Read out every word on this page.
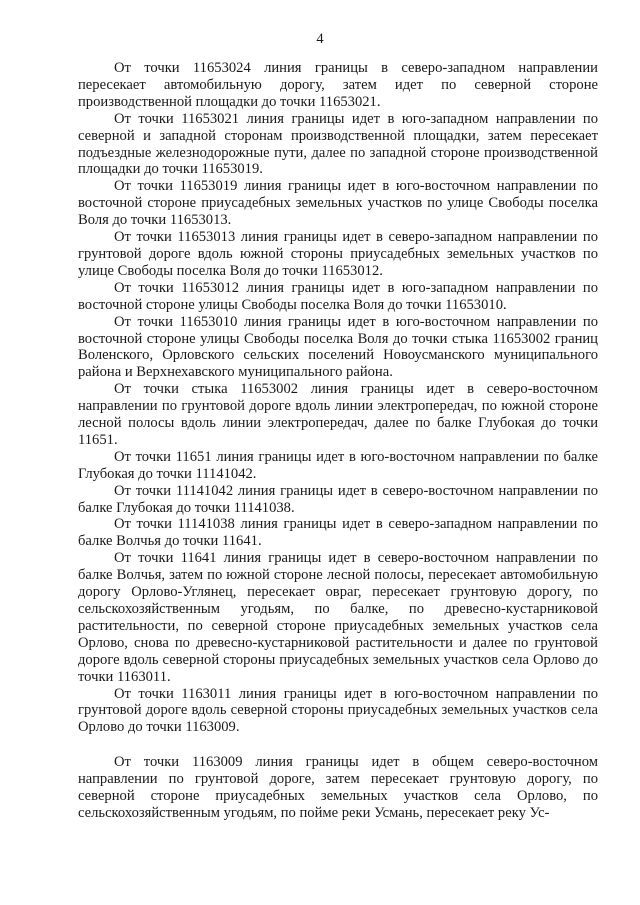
4

От точки 11653024 линия границы в северо-западном направлении пересекает автомобильную дорогу, затем идет по северной стороне производственной площадки до точки 11653021.

От точки 11653021 линия границы идет в юго-западном направлении по северной и западной сторонам производственной площадки, затем пересекает подъездные железнодорожные пути, далее по западной стороне производственной площадки до точки 11653019.

От точки 11653019 линия границы идет в юго-восточном направлении по восточной стороне приусадебных земельных участков по улице Свободы поселка Воля до точки 11653013.

От точки 11653013 линия границы идет в северо-западном направлении по грунтовой дороге вдоль южной стороны приусадебных земельных участков по улице Свободы поселка Воля до точки 11653012.

От точки 11653012 линия границы идет в юго-западном направлении по восточной стороне улицы Свободы поселка Воля до точки 11653010.

От точки 11653010 линия границы идет в юго-восточном направлении по восточной стороне улицы Свободы поселка Воля до точки стыка 11653002 границ Воленского, Орловского сельских поселений Новоусманского муниципального района и Верхнехавского муниципального района.

От точки стыка 11653002 линия границы идет в северо-восточном направлении по грунтовой дороге вдоль линии электропередач, по южной стороне лесной полосы вдоль линии электропередач, далее по балке Глубокая до точки 11651.

От точки 11651 линия границы идет в юго-восточном направлении по балке Глубокая до точки 11141042.

От точки 11141042 линия границы идет в северо-восточном направлении по балке Глубокая до точки 11141038.

От точки 11141038 линия границы идет в северо-западном направлении по балке Волчья до точки 11641.

От точки 11641 линия границы идет в северо-восточном направлении по балке Волчья, затем по южной стороне лесной полосы, пересекает автомобильную дорогу Орлово-Углянец, пересекает овраг, пересекает грунтовую дорогу, по сельскохозяйственным угодьям, по балке, по древесно-кустарниковой растительности, по северной стороне приусадебных земельных участков села Орлово, снова по древесно-кустарниковой растительности и далее по грунтовой дороге вдоль северной стороны приусадебных земельных участков села Орлово до точки 1163011.

От точки 1163011 линия границы идет в юго-восточном направлении по грунтовой дороге вдоль северной стороны приусадебных земельных участков села Орлово до точки 1163009.

От точки 1163009 линия границы идет в общем северо-восточном направлении по грунтовой дороге, затем пересекает грунтовую дорогу, по северной стороне приусадебных земельных участков села Орлово, по сельскохозяйственным угодьям, по пойме реки Усмань, пересекает реку Ус-
